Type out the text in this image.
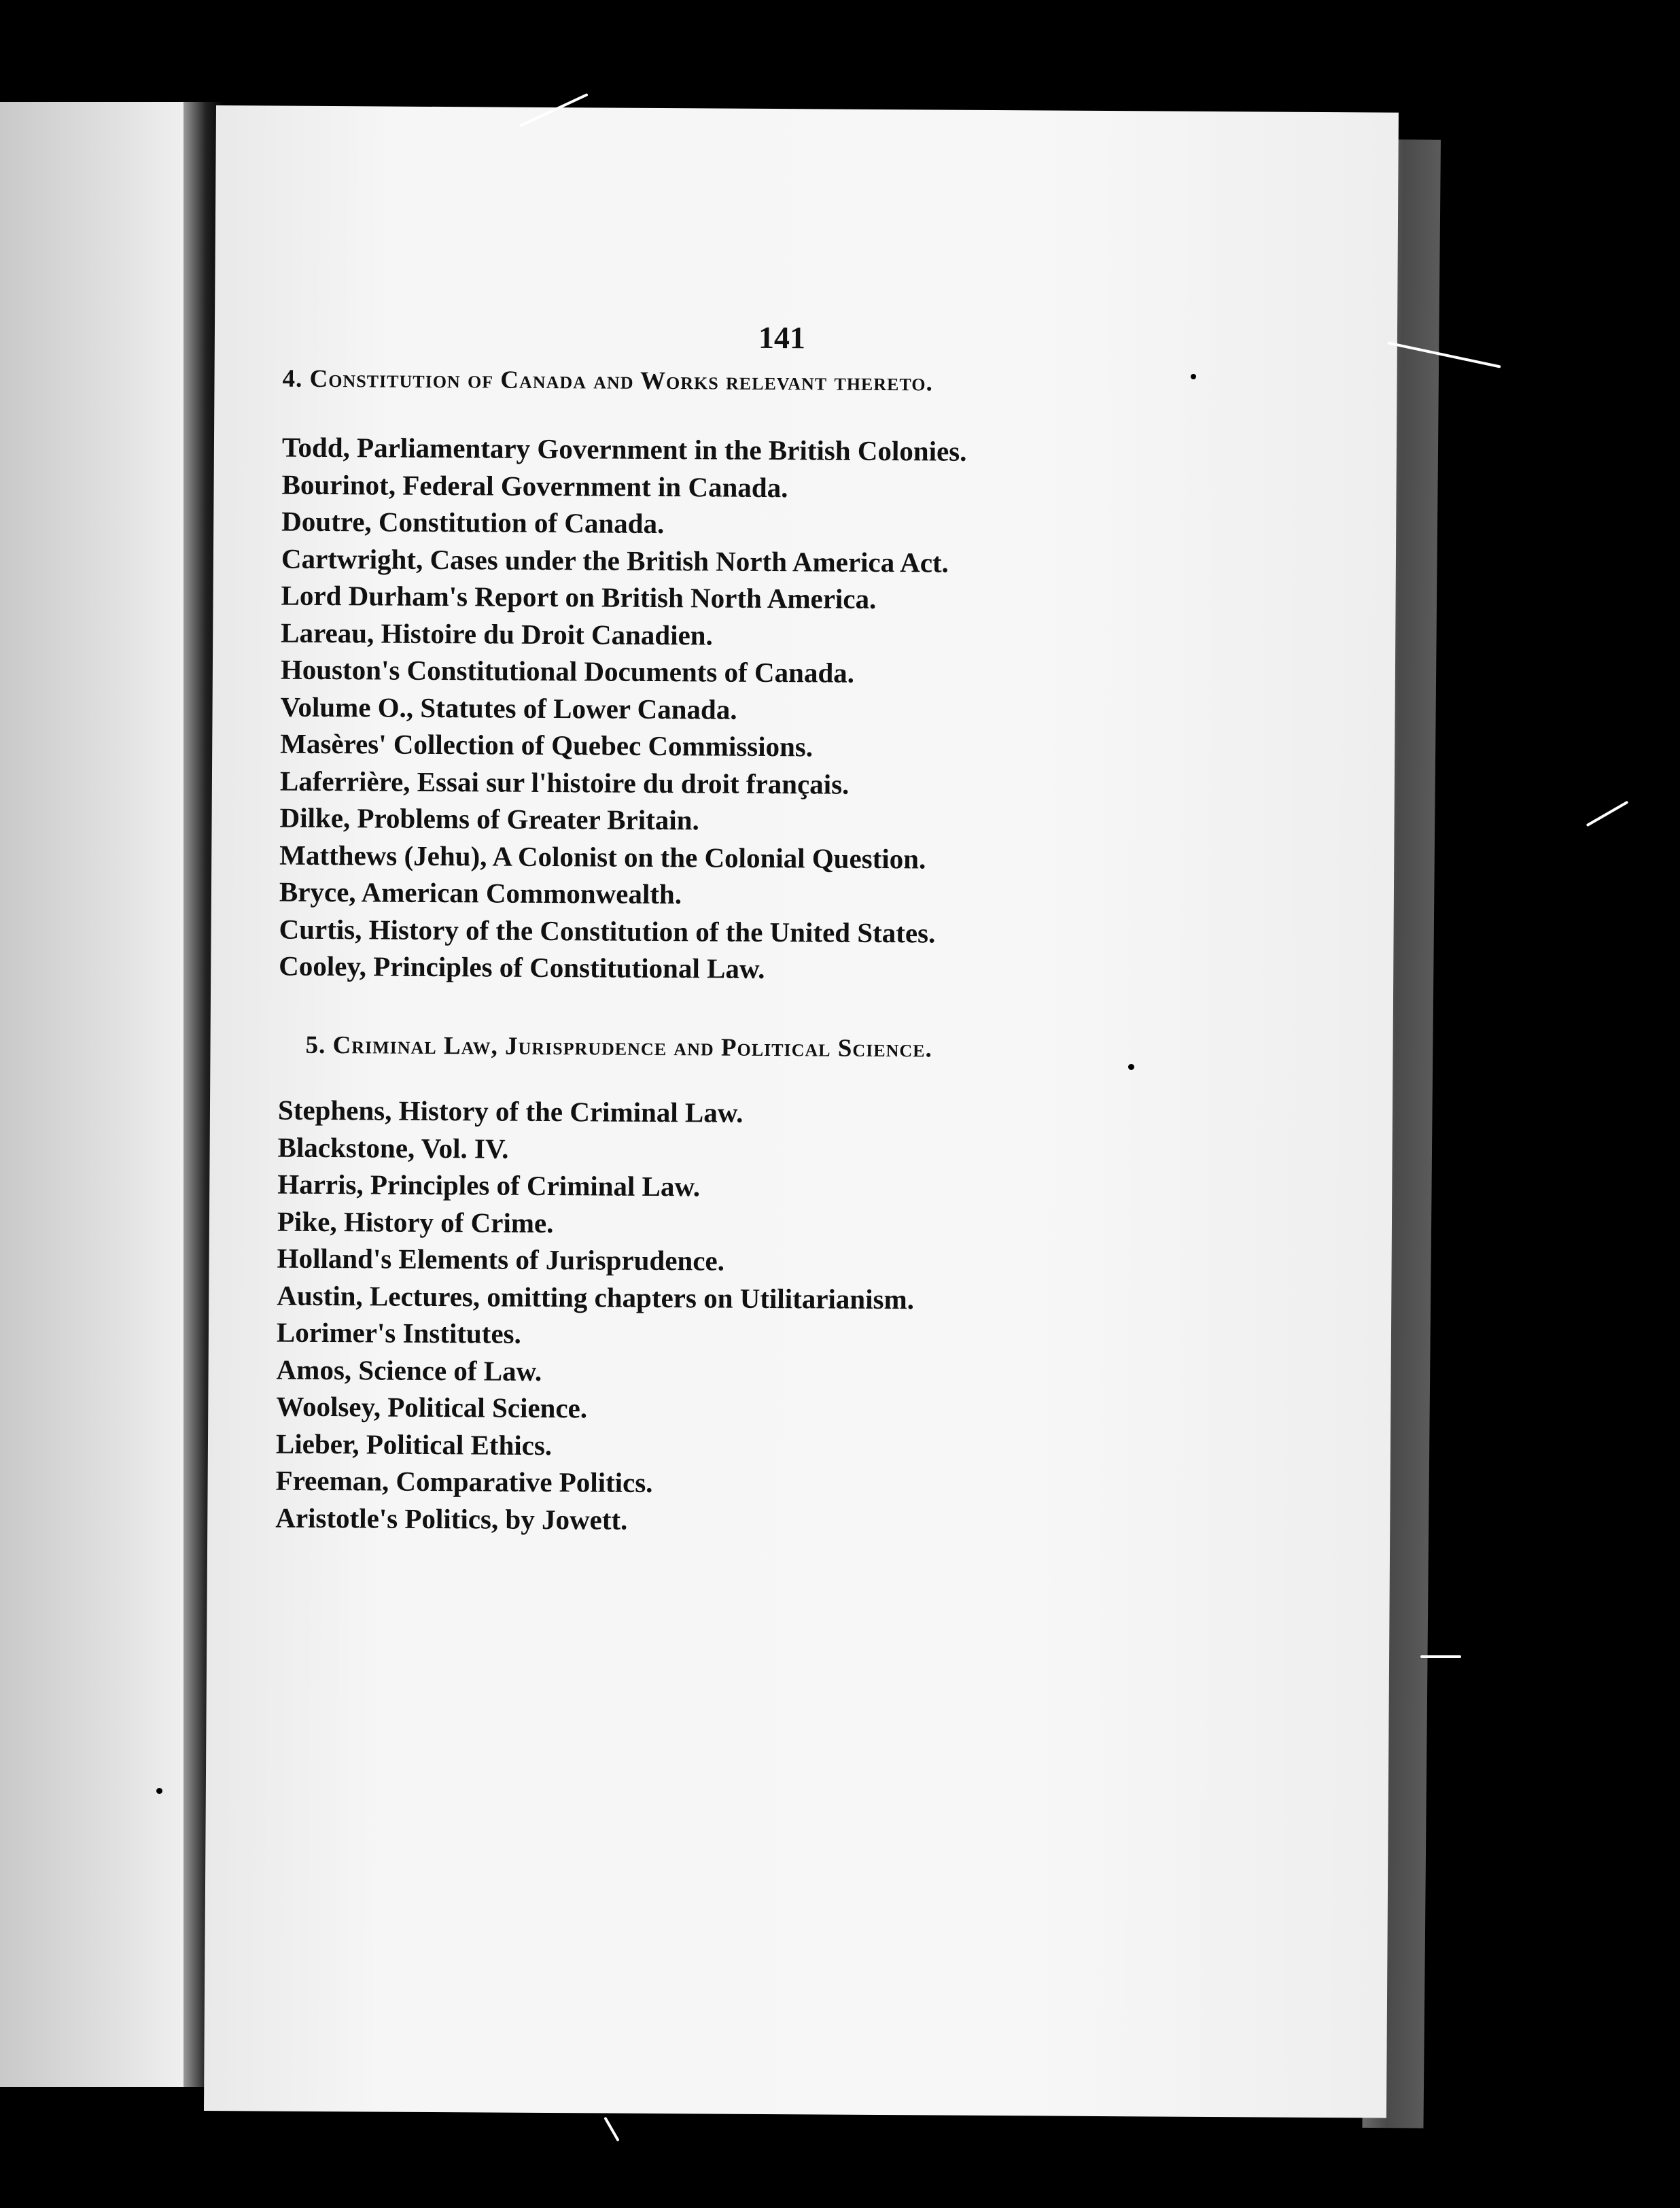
141
4. Constitution of Canada and Works relevant thereto.
Todd, Parliamentary Government in the British Colonies.
Bourinot, Federal Government in Canada.
Doutre, Constitution of Canada.
Cartwright, Cases under the British North America Act.
Lord Durham's Report on British North America.
Lareau, Histoire du Droit Canadien.
Houston's Constitutional Documents of Canada.
Volume O., Statutes of Lower Canada.
Masères' Collection of Quebec Commissions.
Laferrière, Essai sur l'histoire du droit français.
Dilke, Problems of Greater Britain.
Matthews (Jehu), A Colonist on the Colonial Question.
Bryce, American Commonwealth.
Curtis, History of the Constitution of the United States.
Cooley, Principles of Constitutional Law.
5. Criminal Law, Jurisprudence and Political Science.
Stephens, History of the Criminal Law.
Blackstone, Vol. IV.
Harris, Principles of Criminal Law.
Pike, History of Crime.
Holland's Elements of Jurisprudence.
Austin, Lectures, omitting chapters on Utilitarianism.
Lorimer's Institutes.
Amos, Science of Law.
Woolsey, Political Science.
Lieber, Political Ethics.
Freeman, Comparative Politics.
Aristotle's Politics, by Jowett.
